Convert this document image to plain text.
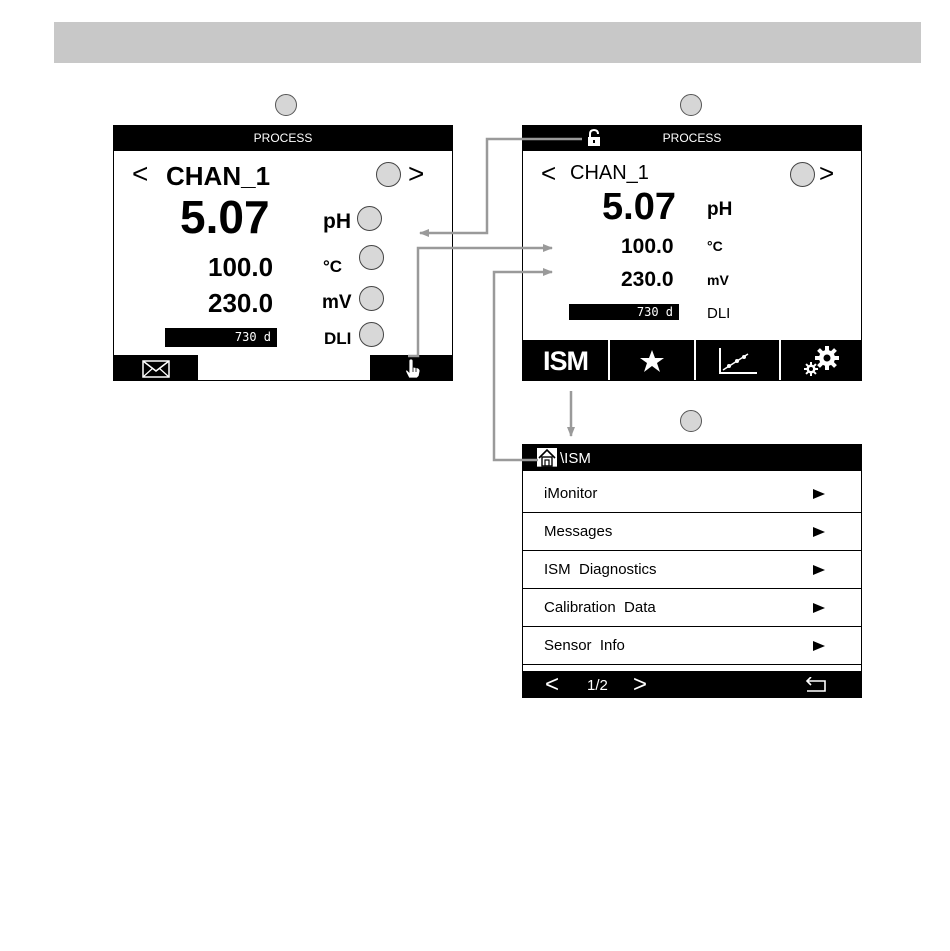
PROCESS
< CHAN_1	>
5.07	pH
100.0	°C
230.0	mV
730 d	DLI
PROCESS
< CHAN_1	>
5.07 pH
100.0 °C
230.0 mV
730 d	DLI
ISM
\ISM
iMonitor
Messages
ISM  Diagnostics
Calibration  Data
Sensor  Info
< 1/2 >
